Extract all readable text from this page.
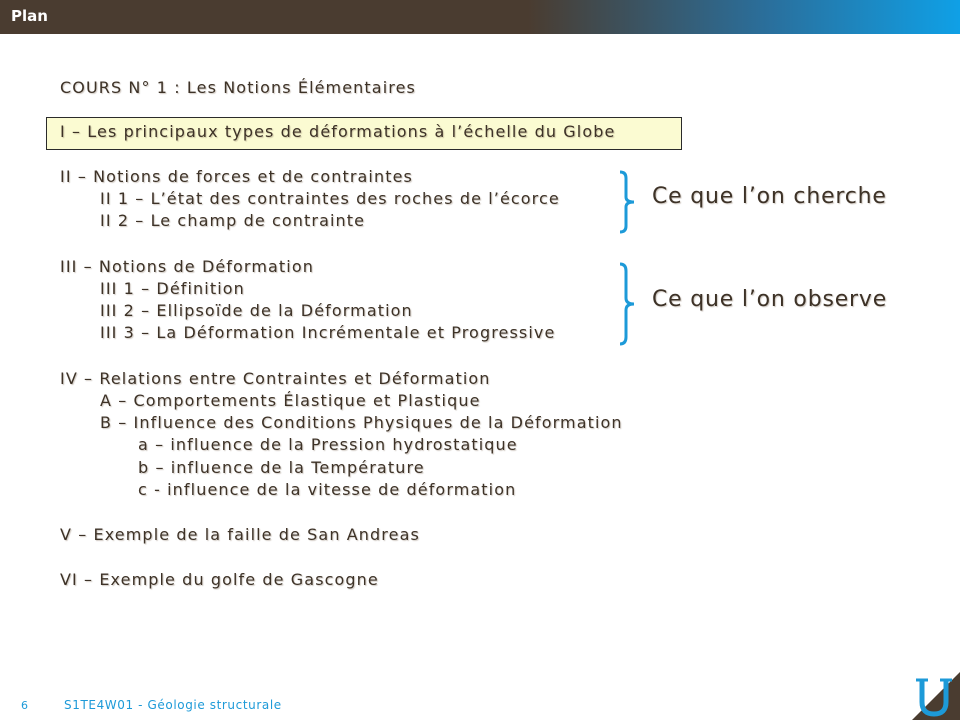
Plan
COURS N° 1 : Les Notions Élémentaires
I – Les principaux types de déformations à l’échelle du Globe
II – Notions de forces et de contraintes
II 1 – L’état des contraintes des roches de l’écorce
II 2 – Le champ de contrainte
III – Notions de Déformation
III 1 – Définition
III 2 – Ellipsoïde de la Déformation
III 3 – La Déformation Incrémentale et Progressive
IV – Relations entre Contraintes et Déformation
A – Comportements Élastique et Plastique
B – Influence des Conditions Physiques de la Déformation
a – influence de la Pression hydrostatique
b – influence de la Température
c - influence de la vitesse de déformation
V – Exemple de la faille de San Andreas
VI – Exemple du golfe de Gascogne
Ce que l’on cherche
Ce que l’on observe
6	S1TE4W01 - Géologie structurale
